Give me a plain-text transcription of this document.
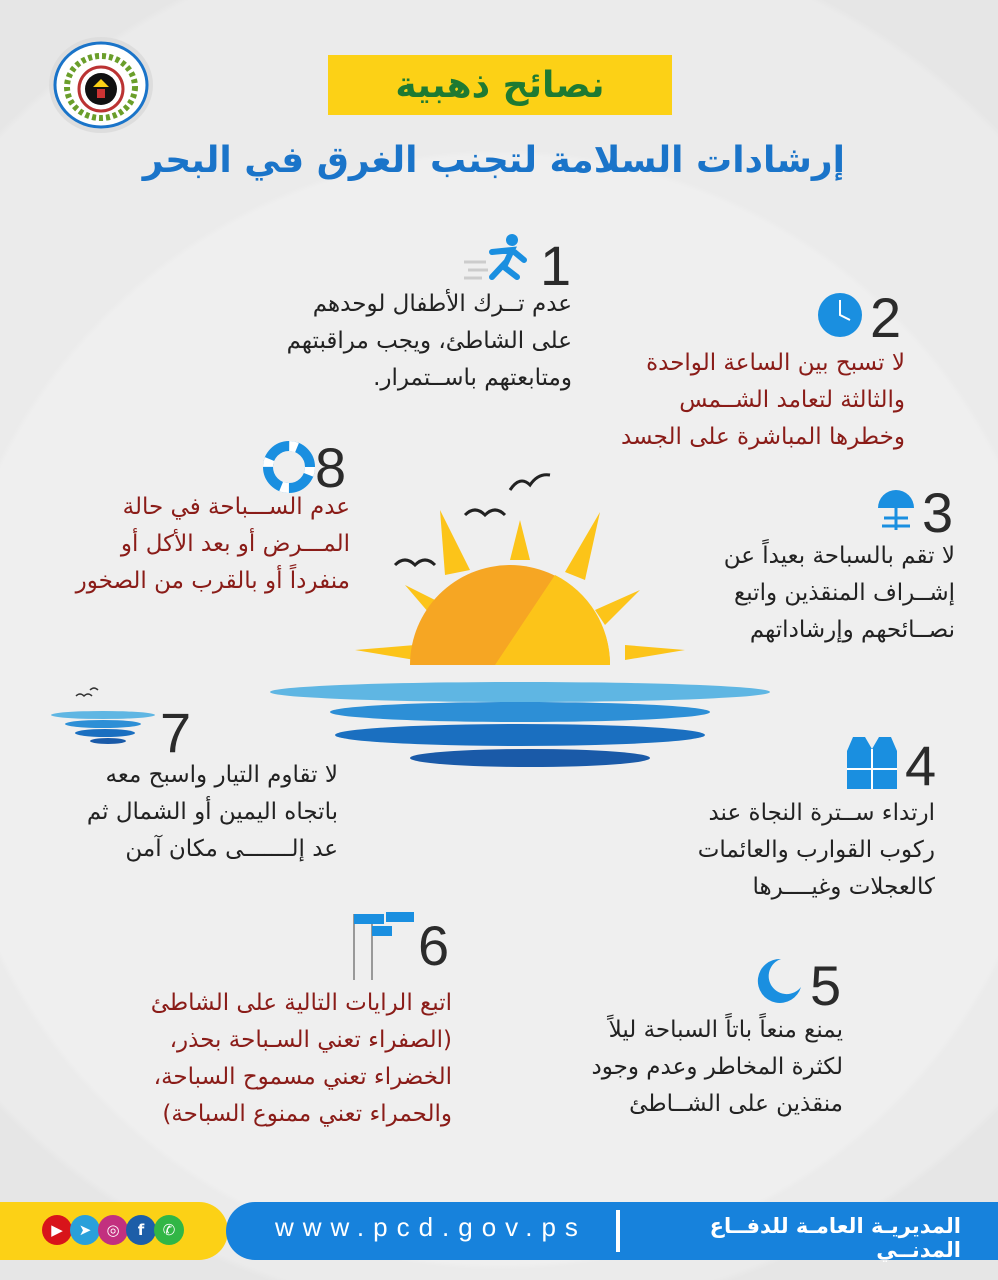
نصائح ذهبية
إرشادات السلامة لتجنب الغرق في البحر
1
عدم تــرك الأطفال لوحدهم
على الشاطئ، ويجب مراقبتهم
ومتابعتهم باســتمرار.
2
لا تسبح بين الساعة الواحدة
والثالثة لتعامد الشــمس
وخطرها المباشرة على الجسد
3
لا تقم بالسباحة بعيداً عن
إشــراف المنقذين واتبع
نصــائحهم وإرشاداتهم
4
ارتداء ســترة النجاة عند
ركوب القوارب والعائمات
كالعجلات وغيــــرها
5
يمنع منعاً باتاً السباحة ليلاً
لكثرة المخاطر وعدم وجود
منقذين على الشــاطئ
6
اتبع الرايات التالية على الشاطئ
(الصفراء تعني السـباحة بحذر،
الخضراء تعني مسموح السباحة،
والحمراء تعني ممنوع السباحة)
7
لا تقاوم التيار واسبح معه
باتجاه اليمين أو الشمال ثم
عد إلـــــــى مكان آمن
8
عدم الســـباحة في حالة
المـــرض أو بعد الأكل أو
منفرداً أو بالقرب من الصخور
▶	➤	◎	f	✆	www.pcd.gov.ps	المديريـة العامـة للدفــاع المدنــي
